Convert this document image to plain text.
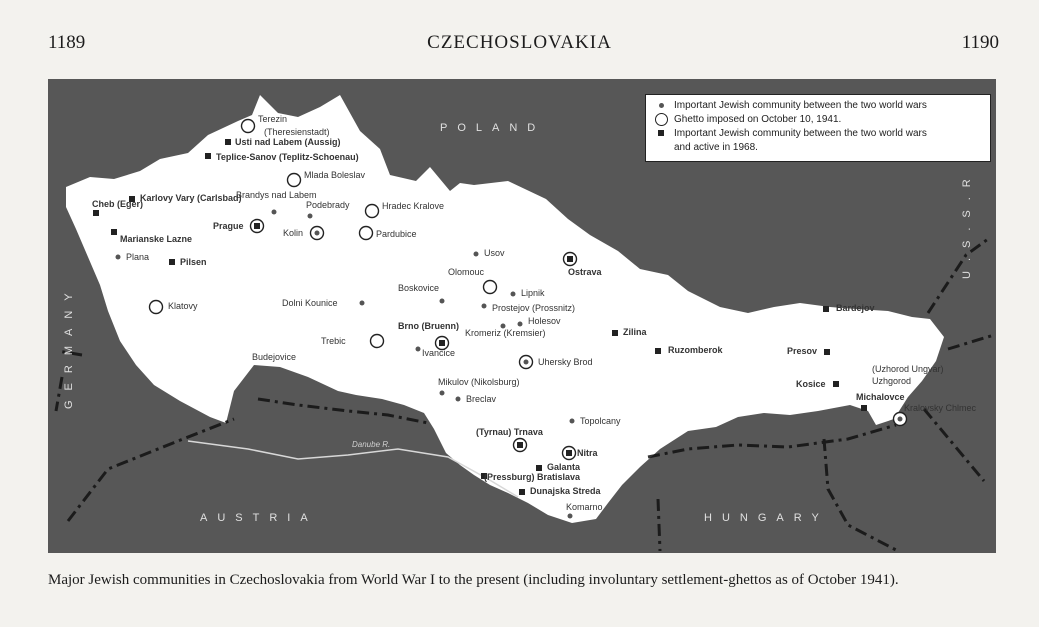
1189	CZECHOSLOVAKIA	1190
POLAND
AUSTRIA	HUNGARY
GERMANY
U.S.S.R
Danube R.
Terezin
(Theresienstadt)
Usti nad Labem (Aussig)
Teplice-Sanov (Teplitz-Schoenau)
Mlada Boleslav
Brandys nad Labem
Karlovy Vary (Carlsbad)
Cheb (Eger)
Marianske Lazne
Plana	Pilsen
Prague
Podebrady	Hradec Kralove
Kolin	Pardubice
Klatovy	Dolni Kounice
Usov
Olomouc	Ostrava
Boskovice	Lipnik
Prostejov (Prossnitz)
Holesov
Kromeriz (Kremsier)
Brno (Bruenn)
Trebic
Ivancice
Budejovice	Uhersky Brod
Zilina
Ruzomberok
Bardejov
Presov
(Uzhorod Ungvar)
Uzhgorod
Kosice
Michalovce
Kralovsky Chlmec
Mikulov (Nikolsburg)
Breclav
Topolcany
(Tyrnau) Trnava
Nitra
(Pressburg) Bratislava
Galanta
Dunajska Streda
Komarno
Important Jewish community between the two world wars
Ghetto imposed on October 10, 1941.
Important Jewish community between the two world wars
and active in 1968.
Major Jewish communities in Czechoslovakia from World War I to the present (including involuntary settlement-ghettos as of October 1941).
